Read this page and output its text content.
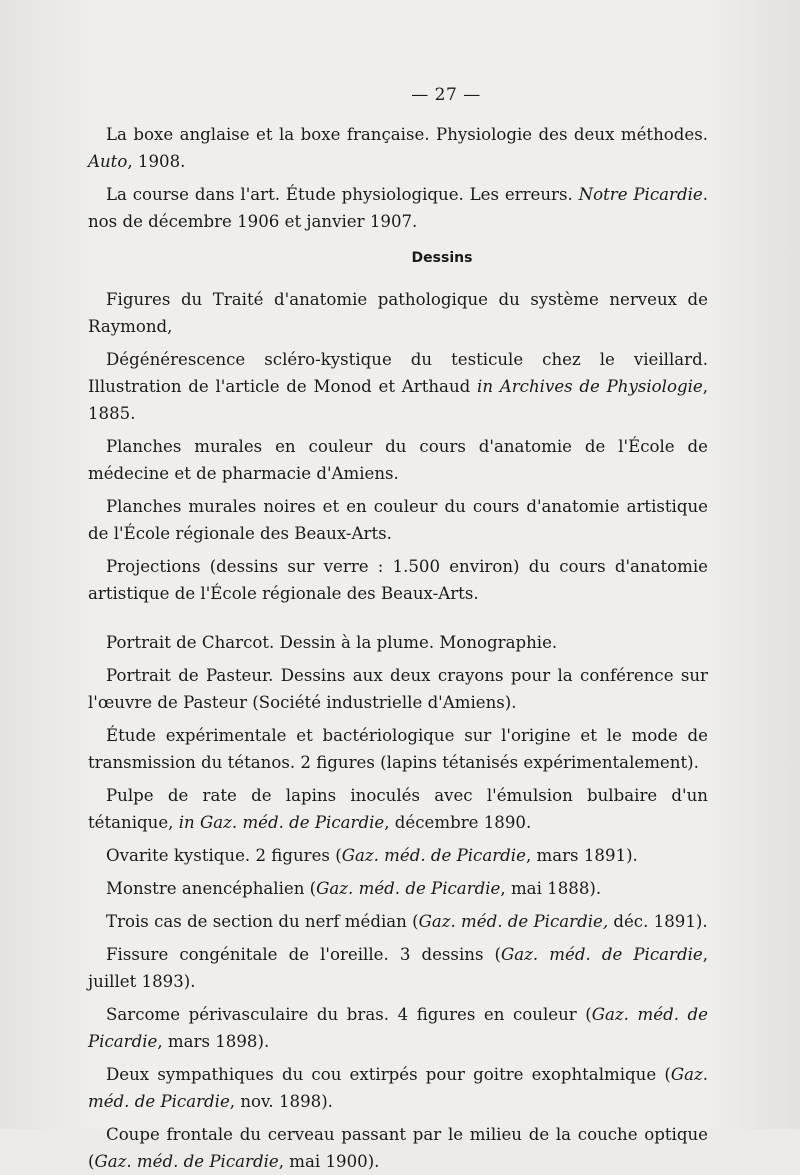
— 27 —

La boxe anglaise et la boxe française. Physiologie des deux méthodes. Auto, 1908.

La course dans l'art. Étude physiologique. Les erreurs. Notre Picardie. nos de décembre 1906 et janvier 1907.

Dessins

Figures du Traité d'anatomie pathologique du système nerveux de Raymond,

Dégénérescence scléro-kystique du testicule chez le vieillard. Illustration de l'article de Monod et Arthaud in Archives de Physiologie, 1885.

Planches murales en couleur du cours d'anatomie de l'École de médecine et de pharmacie d'Amiens.

Planches murales noires et en couleur du cours d'anatomie artistique de l'École régionale des Beaux-Arts.

Projections (dessins sur verre : 1.500 environ) du cours d'anatomie artistique de l'École régionale des Beaux-Arts.

Portrait de Charcot. Dessin à la plume. Monographie.

Portrait de Pasteur. Dessins aux deux crayons pour la conférence sur l'œuvre de Pasteur (Société industrielle d'Amiens).

Étude expérimentale et bactériologique sur l'origine et le mode de transmission du tétanos. 2 figures (lapins tétanisés expérimentalement).

Pulpe de rate de lapins inoculés avec l'émulsion bulbaire d'un tétanique, in Gaz. méd. de Picardie, décembre 1890.

Ovarite kystique. 2 figures (Gaz. méd. de Picardie, mars 1891).

Monstre anencéphalien (Gaz. méd. de Picardie, mai 1888).

Trois cas de section du nerf médian (Gaz. méd. de Picardie, déc. 1891).

Fissure congénitale de l'oreille. 3 dessins (Gaz. méd. de Picardie, juillet 1893).

Sarcome périvasculaire du bras. 4 figures en couleur (Gaz. méd. de Picardie, mars 1898).

Deux sympathiques du cou extirpés pour goitre exophtalmique (Gaz. méd. de Picardie, nov. 1898).

Coupe frontale du cerveau passant par le milieu de la couche optique (Gaz. méd. de Picardie, mai 1900).
